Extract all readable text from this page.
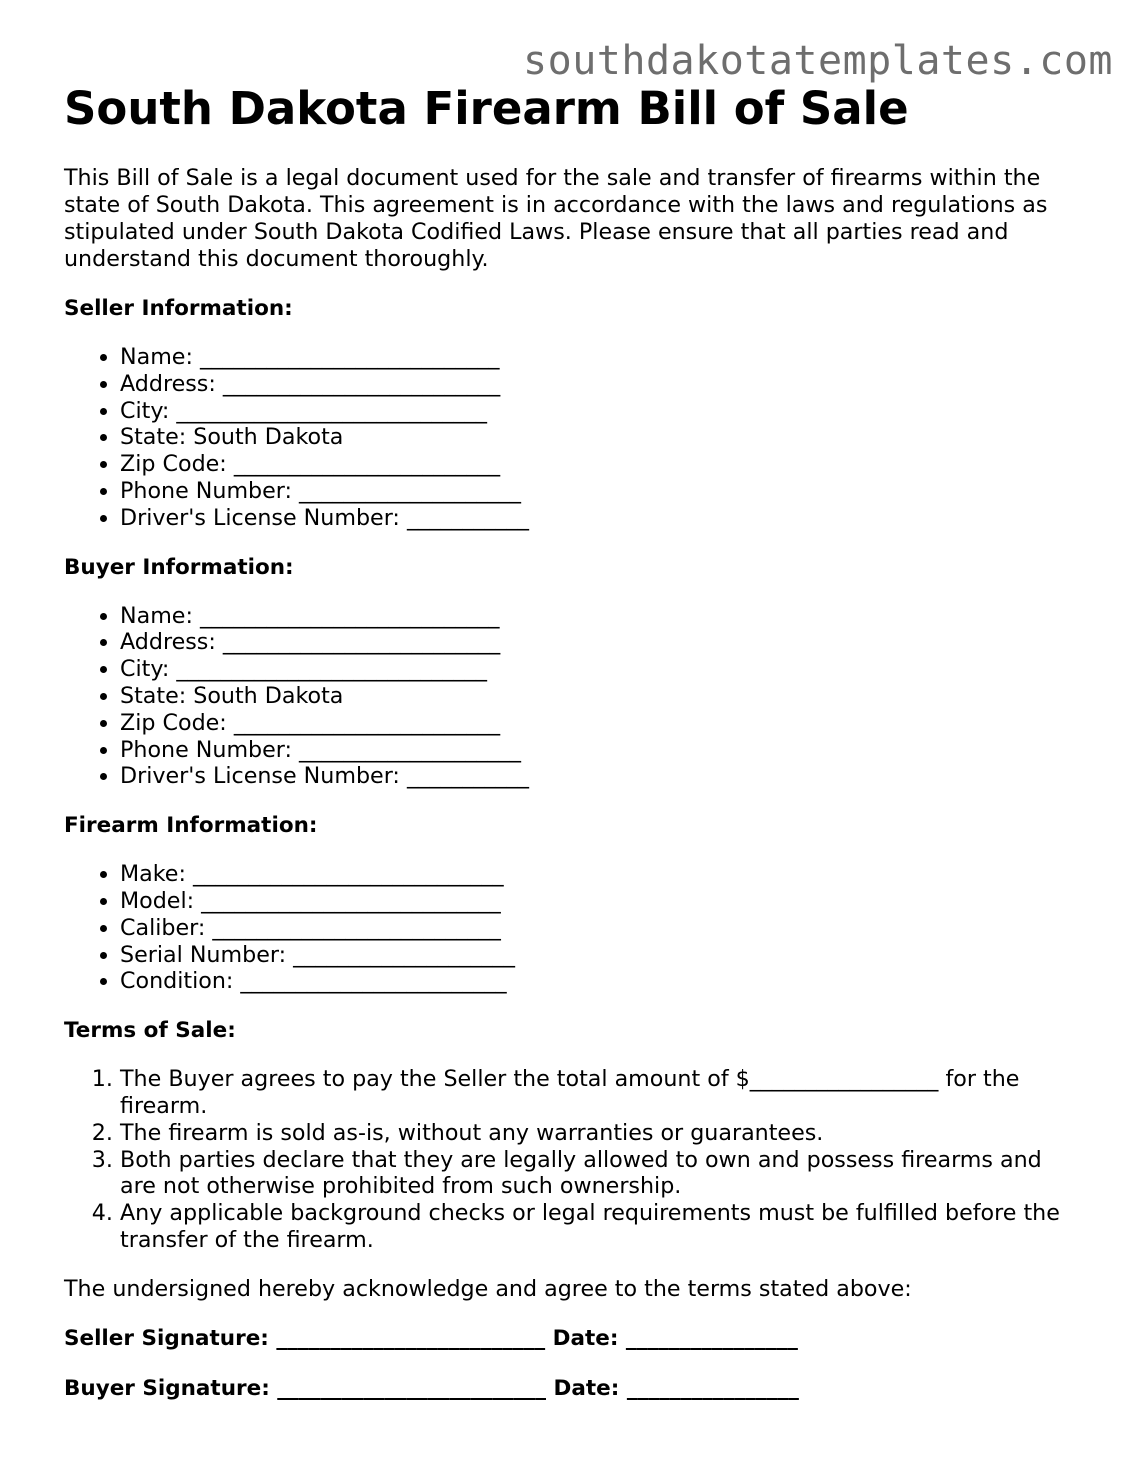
southdakotatemplates.com

South Dakota Firearm Bill of Sale

This Bill of Sale is a legal document used for the sale and transfer of firearms within the state of South Dakota. This agreement is in accordance with the laws and regulations as stipulated under South Dakota Codified Laws. Please ensure that all parties read and understand this document thoroughly.

Seller Information:
• Name: ___________________________
• Address: _________________________
• City: ____________________________
• State: South Dakota
• Zip Code: ________________________
• Phone Number: ____________________
• Driver's License Number: ___________
Buyer Information:
• Name: ___________________________
• Address: _________________________
• City: ____________________________
• State: South Dakota
• Zip Code: ________________________
• Phone Number: ____________________
• Driver's License Number: ___________
Firearm Information:
• Make: ____________________________
• Model: ___________________________
• Caliber: __________________________
• Serial Number: ____________________
• Condition: ________________________
Terms of Sale:
1. The Buyer agrees to pay the Seller the total amount of $_________________ for the firearm.
2. The firearm is sold as-is, without any warranties or guarantees.
3. Both parties declare that they are legally allowed to own and possess firearms and are not otherwise prohibited from such ownership.
4. Any applicable background checks or legal requirements must be fulfilled before the transfer of the firearm.

The undersigned hereby acknowledge and agree to the terms stated above:

Seller Signature: _________________________ Date: ________________

Buyer Signature: _________________________ Date: ________________
